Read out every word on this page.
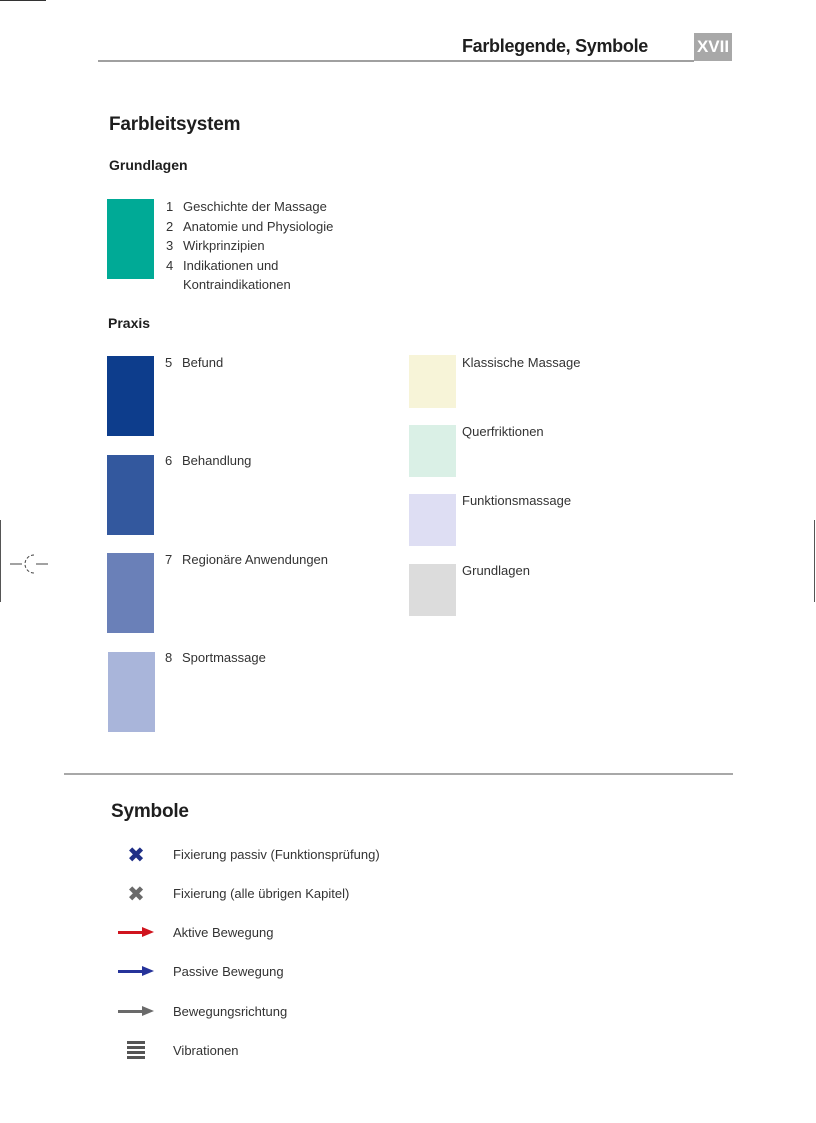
Farblegende, Symbole	XVII
Farbleitsystem
Grundlagen
1 Geschichte der Massage
2 Anatomie und Physiologie
3 Wirkprinzipien
4 Indikationen und
Kontraindikationen
Praxis
5 Befund
6 Behandlung
7 Regionäre Anwendungen
8 Sportmassage
Klassische Massage
Querfriktionen
Funktionsmassage
Grundlagen
Symbole
✖ Fixierung passiv (Funktionsprüfung)
✖ Fixierung (alle übrigen Kapitel)
Aktive Bewegung
Passive Bewegung
Bewegungsrichtung
Vibrationen
